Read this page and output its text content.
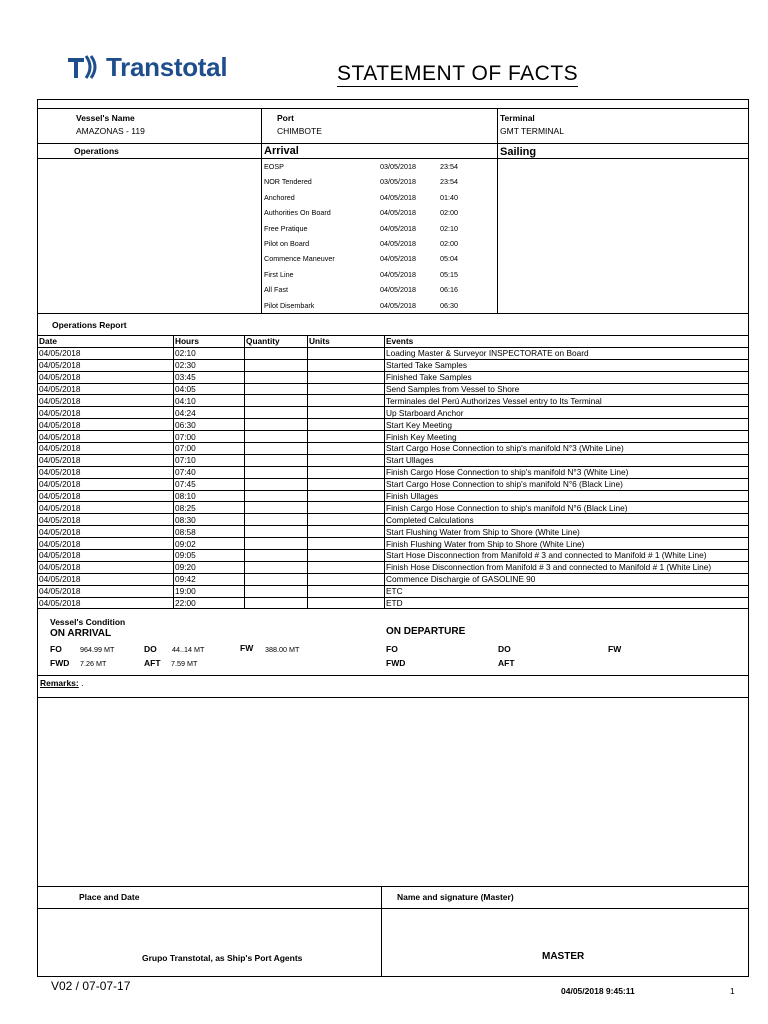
Transtotal	STATEMENT OF FACTS
Vessel's Name
AMAZONAS - 119
Port
CHIMBOTE
Terminal
GMT TERMINAL
Operations	Arrival	Sailing
EOSP	03/05/2018	23:54
NOR Tendered	03/05/2018	23:54
Anchored	04/05/2018	01:40
Authorities On Board	04/05/2018	02:00
Free Pratique	04/05/2018	02:10
Pilot on Board	04/05/2018	02:00
Commence Maneuver	04/05/2018	05:04
First Line	04/05/2018	05:15
All Fast	04/05/2018	06:16
Pilot Disembark	04/05/2018	06:30
Operations Report
Date	Hours	Quantity	Units	Events
04/05/2018	02:10			Loading Master & Surveyor INSPECTORATE on Board
04/05/2018	02:30			Started Take Samples
04/05/2018	03:45			Finished Take Samples
04/05/2018	04:05			Send Samples from Vessel to Shore
04/05/2018	04:10			Terminales del Perú Authorizes Vessel entry to Its Terminal
04/05/2018	04:24			Up Starboard Anchor
04/05/2018	06:30			Start Key Meeting
04/05/2018	07:00			Finish Key Meeting
04/05/2018	07:00			Start Cargo Hose Connection to ship's manifold N°3 (White Line)
04/05/2018	07:10			Start Ullages
04/05/2018	07:40			Finish Cargo Hose Connection to ship's manifold N°3 (White Line)
04/05/2018	07:45			Start Cargo Hose Connection to ship's manifold N°6 (Black Line)
04/05/2018	08:10			Finish Ullages
04/05/2018	08:25			Finish Cargo Hose Connection to ship's manifold N°6 (Black Line)
04/05/2018	08:30			Completed Calculations
04/05/2018	08:58			Start Flushing Water from Ship to Shore (White Line)
04/05/2018	09:02			Finish Flushing Water from Ship to Shore (White Line)
04/05/2018	09:05			Start Hose Disconnection from Manifold # 3 and connected to Manifold # 1 (White Line)
04/05/2018	09:20			Finish Hose Disconnection from Manifold # 3 and connected to Manifold # 1 (White Line)
04/05/2018	09:42			Commence Dischargie of GASOLINE 90
04/05/2018	19:00			ETC
04/05/2018	22:00			ETD
Vessel's Condition
ON ARRIVAL	ON DEPARTURE
FO	964.99 MT	DO 44..14 MT	FW 388.00 MT
FWD 7.26 MT	AFT 7.59 MT
FO	DO	FW
FWD	AFT
Remarks: .
Place and Date	Name and signature (Master)
Grupo Transtotal, as Ship's Port Agents	MASTER
V02 / 07-07-17	04/05/2018 9:45:11	1
